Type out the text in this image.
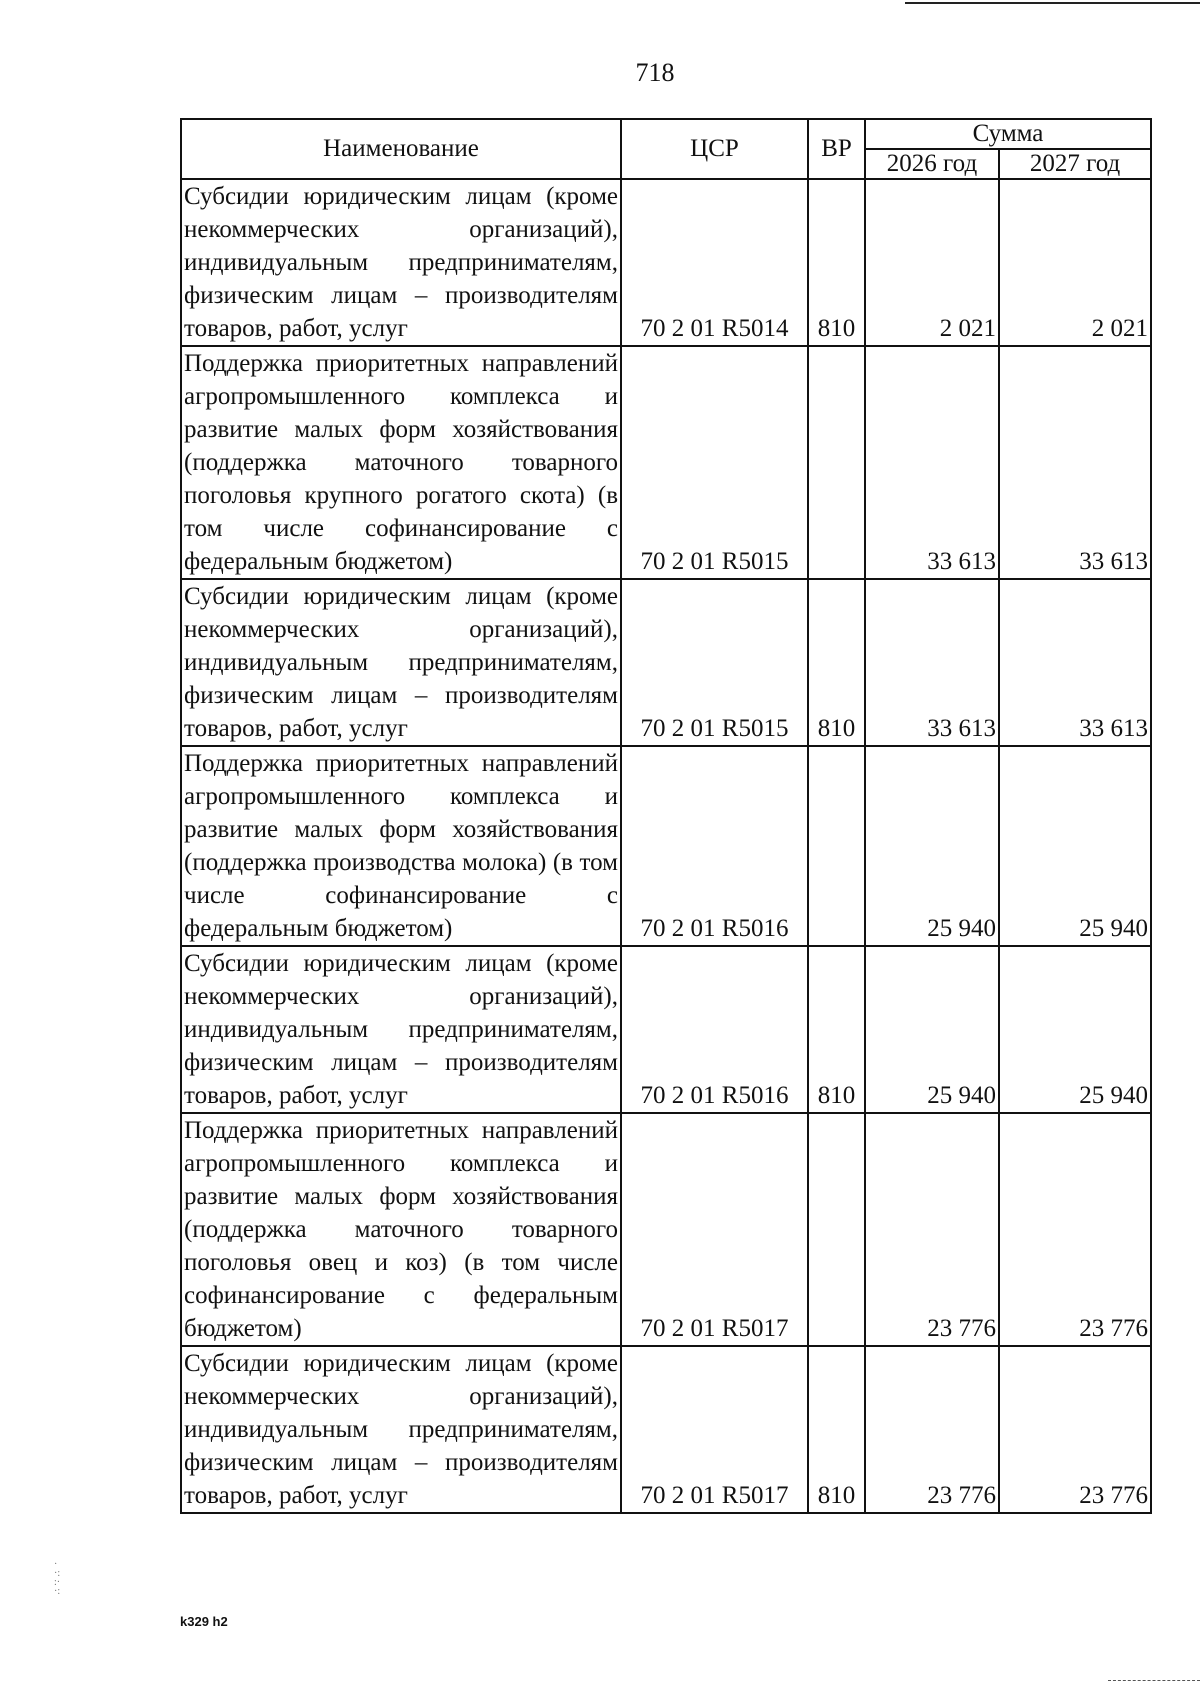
718
Наименование	ЦСР	ВР	Сумма	
			2026 год	2027 год
Субсидии юридическим лицам (кроме некоммерческих организаций), индивидуальным предпринимателям, физическим лицам – производителям товаров, работ, услуг	70 2 01 R5014	810	2 021	2 021
Поддержка приоритетных направлений агропромышленного комплекса и развитие малых форм хозяйствования (поддержка маточного товарного поголовья крупного рогатого скота) (в том числе софинансирование с федеральным бюджетом)	70 2 01 R5015		33 613	33 613
Субсидии юридическим лицам (кроме некоммерческих организаций), индивидуальным предпринимателям, физическим лицам – производителям товаров, работ, услуг	70 2 01 R5015	810	33 613	33 613
Поддержка приоритетных направлений агропромышленного комплекса и развитие малых форм хозяйствования (поддержка производства молока) (в том числе софинансирование с федеральным бюджетом)	70 2 01 R5016		25 940	25 940
Субсидии юридическим лицам (кроме некоммерческих организаций), индивидуальным предпринимателям, физическим лицам – производителям товаров, работ, услуг	70 2 01 R5016	810	25 940	25 940
Поддержка приоритетных направлений агропромышленного комплекса и развитие малых форм хозяйствования (поддержка маточного товарного поголовья овец и коз) (в том числе софинансирование с федеральным бюджетом)	70 2 01 R5017		23 776	23 776
Субсидии юридическим лицам (кроме некоммерческих организаций), индивидуальным предпринимателям, физическим лицам – производителям товаров, работ, услуг	70 2 01 R5017	810	23 776	23 776
·
·:
:·
·:
k329 h2
